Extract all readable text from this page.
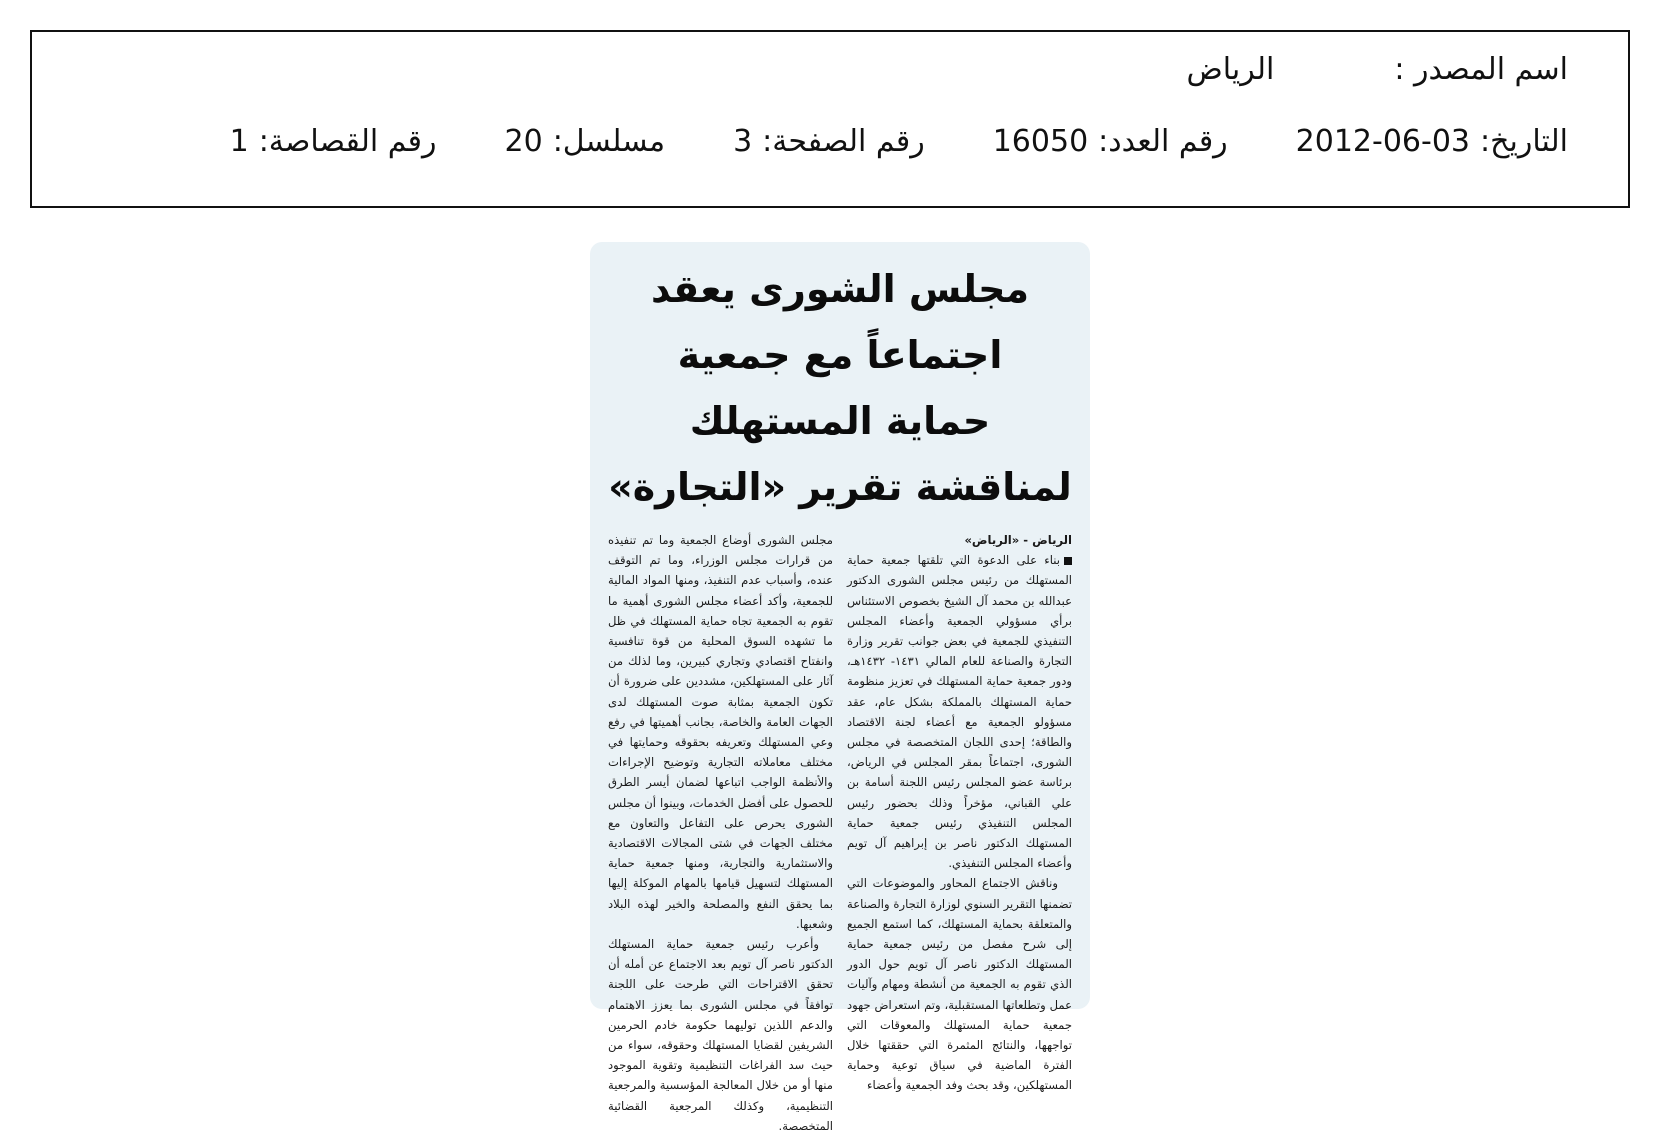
اسم المصدر :
الرياض
التاريخ:
2012-06-03
رقم العدد:
16050
رقم الصفحة:
3
مسلسل:
20
رقم القصاصة:
1
مجلس الشورى يعقد اجتماعاً مع جمعية
حماية المستهلك لمناقشة تقرير «التجارة»
الرياض - «الرياض»

بناء على الدعوة التي تلقتها جمعية حماية المستهلك من رئيس مجلس الشورى الدكتور عبدالله بن محمد آل الشيخ بخصوص الاستئناس برأي مسؤولي الجمعية وأعضاء المجلس التنفيذي للجمعية في بعض جوانب تقرير وزارة التجارة والصناعة للعام المالي ١٤٣١- ١٤٣٢هـ، ودور جمعية حماية المستهلك في تعزيز منظومة حماية المستهلك بالمملكة بشكل عام، عقد مسؤولو الجمعية مع أعضاء لجنة الاقتصاد والطاقة؛ إحدى اللجان المتخصصة في مجلس الشورى، اجتماعاً بمقر المجلس في الرياض، برئاسة عضو المجلس رئيس اللجنة أسامة بن علي القباني، مؤخراً وذلك بحضور رئيس المجلس التنفيذي رئيس جمعية حماية المستهلك الدكتور ناصر بن إبراهيم آل تويم وأعضاء المجلس التنفيذي.

وناقش الاجتماع المحاور والموضوعات التي تضمنها التقرير السنوي لوزارة التجارة والصناعة والمتعلقة بحماية المستهلك، كما استمع الجميع إلى شرح مفصل من رئيس جمعية حماية المستهلك الدكتور ناصر آل تويم حول الدور الذي تقوم به الجمعية من أنشطة ومهام وآليات عمل وتطلعاتها المستقبلية، وتم استعراض جهود جمعية حماية المستهلك والمعوقات التي تواجهها، والنتائج المثمرة التي حققتها خلال الفترة الماضية في سياق توعية وحماية المستهلكين، وقد بحث وفد الجمعية وأعضاء

مجلس الشورى أوضاع الجمعية وما تم تنفيذه من قرارات مجلس الوزراء، وما تم التوقف عنده، وأسباب عدم التنفيذ، ومنها المواد المالية للجمعية، وأكد أعضاء مجلس الشورى أهمية ما تقوم به الجمعية تجاه حماية المستهلك في ظل ما تشهده السوق المحلية من قوة تنافسية وانفتاح اقتصادي وتجاري كبيرين، وما لذلك من آثار على المستهلكين، مشددين على ضرورة أن تكون الجمعية بمثابة صوت المستهلك لدى الجهات العامة والخاصة، بجانب أهميتها في رفع وعي المستهلك وتعريفه بحقوقه وحمايتها في مختلف معاملاته التجارية وتوضيح الإجراءات والأنظمة الواجب اتباعها لضمان أيسر الطرق للحصول على أفضل الخدمات، وبينوا أن مجلس الشورى يحرص على التفاعل والتعاون مع مختلف الجهات في شتى المجالات الاقتصادية والاستثمارية والتجارية، ومنها جمعية حماية المستهلك لتسهيل قيامها بالمهام الموكلة إليها بما يحقق النفع والمصلحة والخير لهذه البلاد وشعبها.

وأعرب رئيس جمعية حماية المستهلك الدكتور ناصر آل تويم بعد الاجتماع عن أمله أن تحقق الاقتراحات التي طرحت على اللجنة توافقاً في مجلس الشورى بما يعزز الاهتمام والدعم اللذين توليهما حكومة خادم الحرمين الشريفين لقضايا المستهلك وحقوقه، سواء من حيث سد الفراغات التنظيمية وتقوية الموجود منها أو من خلال المعالجة المؤسسية والمرجعية التنظيمية، وكذلك المرجعية القضائية المتخصصة.
